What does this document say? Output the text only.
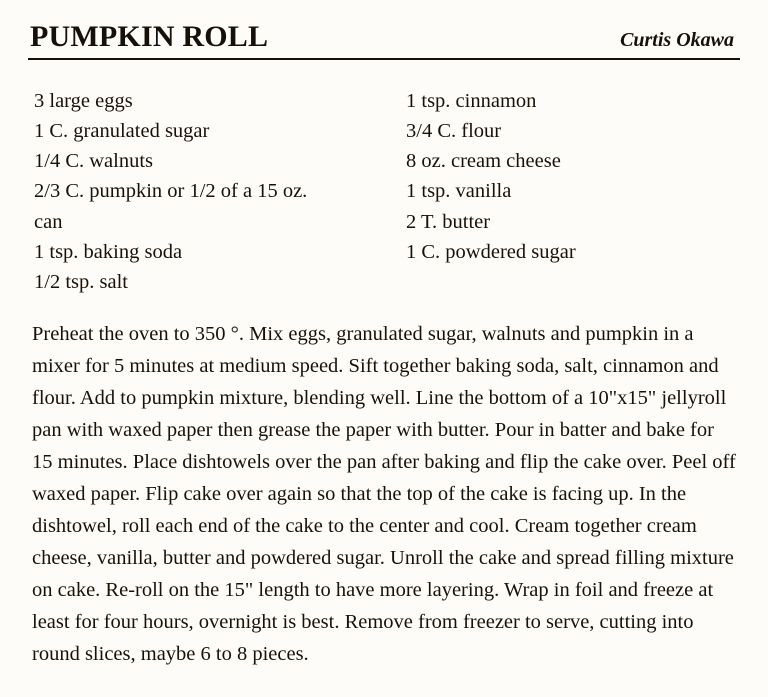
PUMPKIN ROLL	Curtis Okawa
3 large eggs
1 C. granulated sugar
1/4 C. walnuts
2/3 C. pumpkin or 1/2 of a 15 oz.
can
1 tsp. baking soda
1/2 tsp. salt
1 tsp. cinnamon
3/4 C. flour
8 oz. cream cheese
1 tsp. vanilla
2 T. butter
1 C. powdered sugar
Preheat the oven to 350 °. Mix eggs, granulated sugar, walnuts and pumpkin in a mixer for 5 minutes at medium speed. Sift together baking soda, salt, cinnamon and flour. Add to pumpkin mixture, blending well. Line the bottom of a 10"x15" jellyroll pan with waxed paper then grease the paper with butter. Pour in batter and bake for 15 minutes. Place dishtowels over the pan after baking and flip the cake over. Peel off waxed paper. Flip cake over again so that the top of the cake is facing up. In the dishtowel, roll each end of the cake to the center and cool. Cream together cream cheese, vanilla, butter and powdered sugar. Unroll the cake and spread filling mixture on cake. Re-roll on the 15" length to have more layering. Wrap in foil and freeze at least for four hours, overnight is best. Remove from freezer to serve, cutting into round slices, maybe 6 to 8 pieces.
